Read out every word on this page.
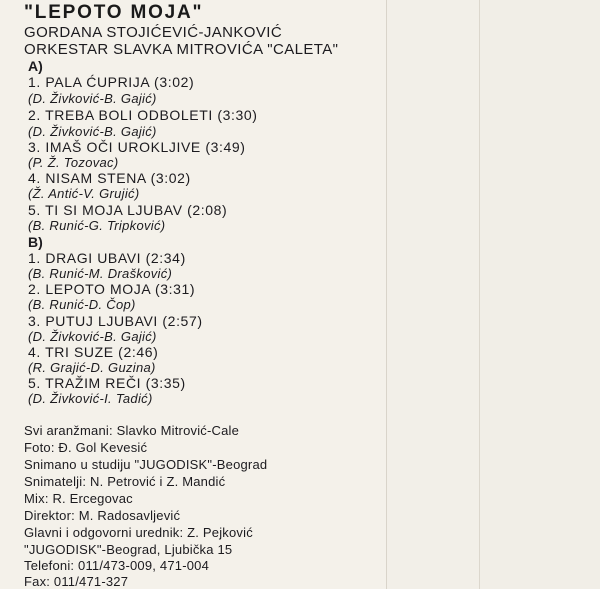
"LEPOTO MOJA"
GORDANA STOJIĆEVIĆ-JANKOVIĆ
ORKESTAR SLAVKA MITROVIĆA "CALETA"
A)
1. PALA ĆUPRIJA (3:02)
(D. Živković-B. Gajić)
2. TREBA BOLI ODBOLETI (3:30)
(D. Živković-B. Gajić)
3. IMAŠ OČI UROKLJIVE (3:49)
(P. Ž. Tozovac)
4. NISAM STENA (3:02)
(Ž. Antić-V. Grujić)
5. TI SI MOJA LJUBAV (2:08)
(B. Runić-G. Tripković)
B)
1. DRAGI UBAVI (2:34)
(B. Runić-M. Drašković)
2. LEPOTO MOJA (3:31)
(B. Runić-D. Čop)
3. PUTUJ LJUBAVI (2:57)
(D. Živković-B. Gajić)
4. TRI SUZE (2:46)
(R. Grajić-D. Guzina)
5. TRAŽIM REČI (3:35)
(D. Živković-I. Tadić)
Svi aranžmani: Slavko Mitrović-Cale
Foto: Đ. Gol Kevesić
Snimano u studiju "JUGODISK"-Beograd
Snimatelji: N. Petrović i Z. Mandić
Mix: R. Ercegovac
Direktor: M. Radosavljević
Glavni i odgovorni urednik: Z. Pejković
"JUGODISK"-Beograd, Ljubička 15
Telefoni: 011/473-009, 471-004
Fax: 011/471-327
